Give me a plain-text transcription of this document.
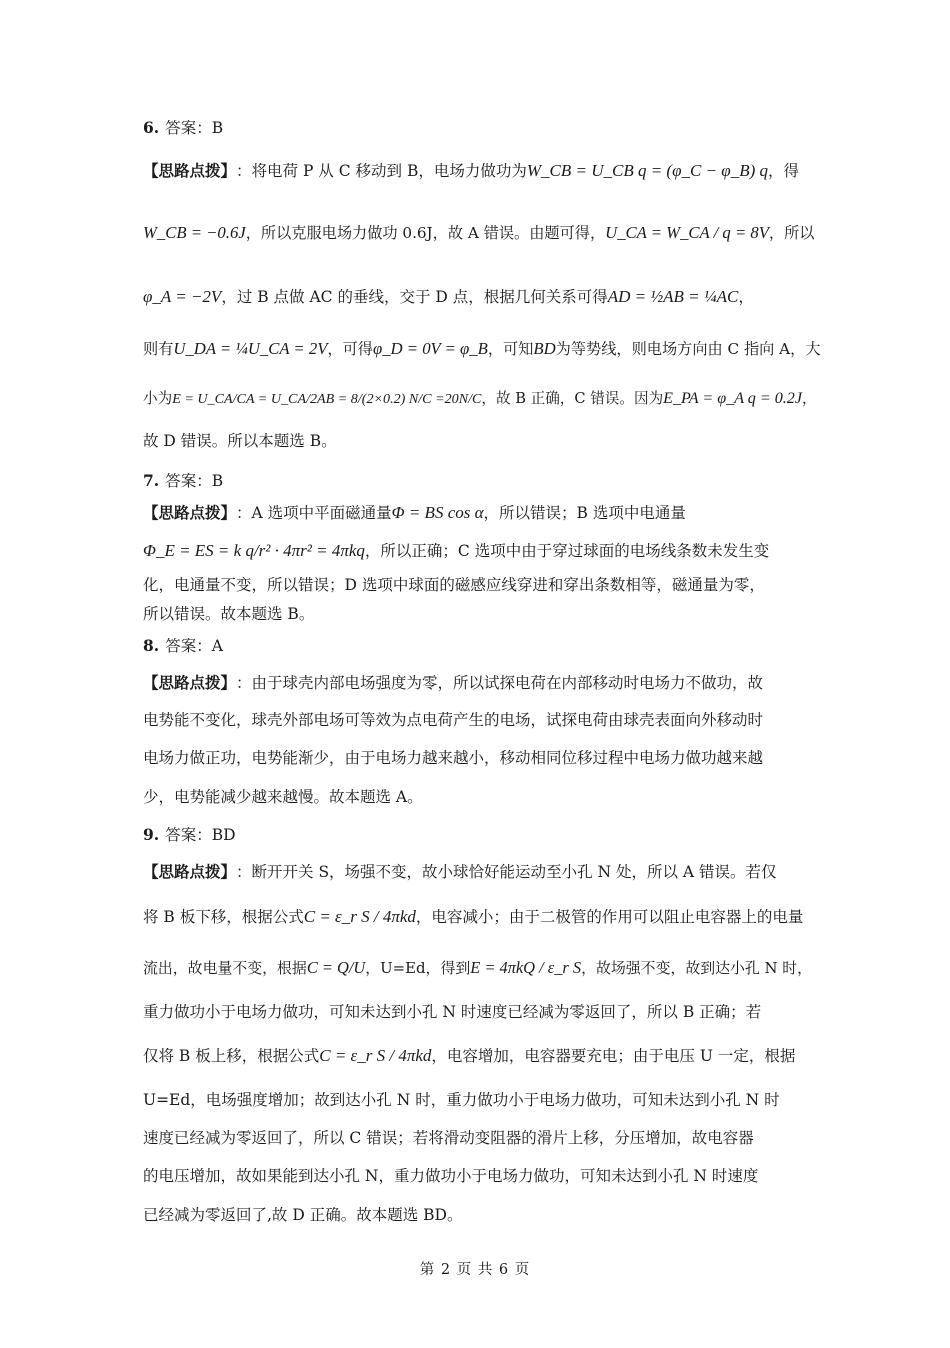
6. 答案：B
【思路点拨】 ：将电荷 P 从 C 移动到 B，电场力做功为 W_CB = U_CB q = (φ_C − φ_B) q ，得
W_CB = −0.6J ，所以克服电场力做功 0.6J，故 A 错误。由题可得， U_CA = W_CA / q = 8V ，所以
φ_A = −2V ，过 B 点做 AC 的垂线，交于 D 点，根据几何关系可得 AD = ½AB = ¼AC ，
则有 U_DA = ¼U_CA = 2V ，可得 φ_D = 0V = φ_B ，可知 BD 为等势线，则电场方向由 C 指向 A，大
小为 E = U_CA/CA = U_CA/2AB = 8/(2×0.2) N/C =20N/C ，故 B 正确，C 错误。因为 E_PA = φ_A q = 0.2J ，
故 D 错误。所以本题选 B。
7. 答案：B
【思路点拨】 ：A 选项中平面磁通量 Φ = BS cos α ，所以错误；B 选项中电通量
Φ_E = ES = k q/r² · 4πr² = 4πkq ，所以正确；C 选项中由于穿过球面的电场线条数未发生变
化，电通量不变，所以错误；D 选项中球面的磁感应线穿进和穿出条数相等，磁通量为零，
所以错误。故本题选 B。
8. 答案：A
【思路点拨】 ：由于球壳内部电场强度为零，所以试探电荷在内部移动时电场力不做功，故
电势能不变化，球壳外部电场可等效为点电荷产生的电场，试探电荷由球壳表面向外移动时
电场力做正功，电势能渐少，由于电场力越来越小，移动相同位移过程中电场力做功越来越
少，电势能减少越来越慢。故本题选 A。
9. 答案：BD
【思路点拨】 ：断开开关 S，场强不变，故小球恰好能运动至小孔 N 处，所以 A 错误。若仅
将 B 板下移，根据公式 C = ε_r S / 4πkd ，电容减小；由于二极管的作用可以阻止电容器上的电量
流出，故电量不变，根据 C = Q/U ，U=Ed，得到 E = 4πkQ / ε_r S ，故场强不变，故到达小孔 N 时，
重力做功小于电场力做功，可知未达到小孔 N 时速度已经减为零返回了，所以 B 正确；若
仅将 B 板上移，根据公式 C = ε_r S / 4πkd ，电容增加，电容器要充电；由于电压 U 一定，根据
U=Ed，电场强度增加；故到达小孔 N 时，重力做功小于电场力做功，可知未达到小孔 N 时
速度已经减为零返回了，所以 C 错误；若将滑动变阻器的滑片上移，分压增加，故电容器
的电压增加，故如果能到达小孔 N，重力做功小于电场力做功，可知未达到小孔 N 时速度
已经减为零返回了,故 D 正确。故本题选 BD。
第 2 页 共 6 页
